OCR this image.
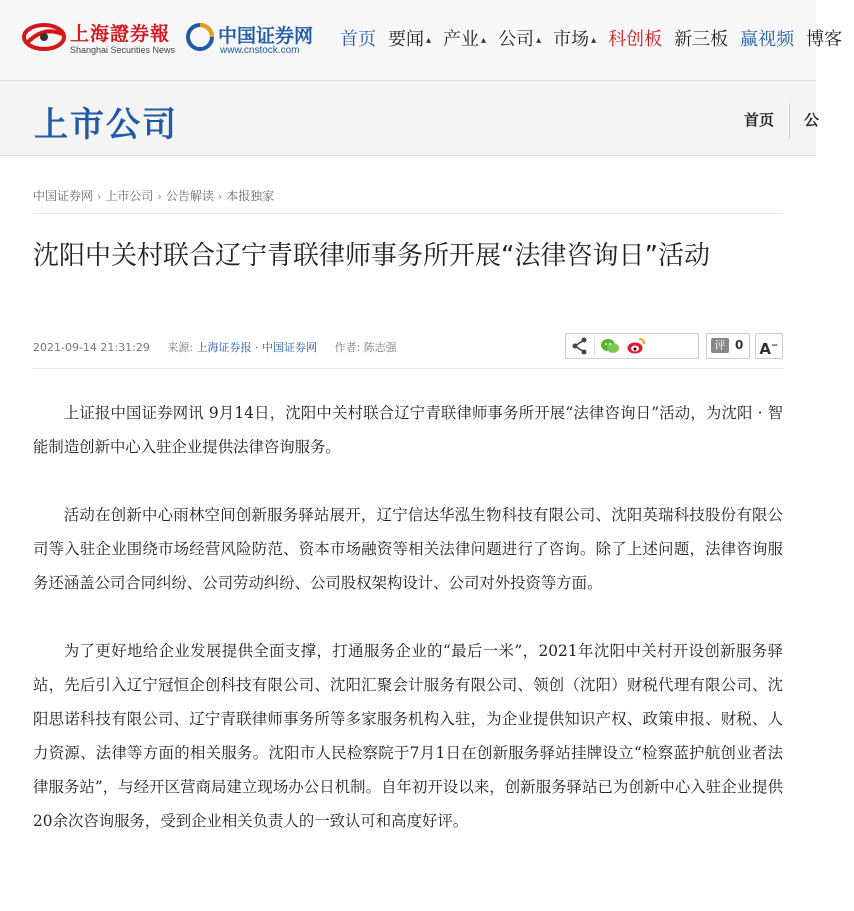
上海證券報
Shanghai Securities News
中国证券网
www.cnstock.com
首页 要闻 ▴ 产业 ▴ 公司 ▴ 市场 ▴ 科创板 新三板 赢视频 博客
上市公司	首页 公
中国证券网 › 上市公司 › 公告解读 › 本报独家
沈阳中关村联合辽宁青联律师事务所开展“法律咨询日”活动
2021-09-14 21:31:29 来源: 上海证券报 · 中国证券网 作者: 陈志强	评 0 A−

上证报中国证券网讯 9月14日，沈阳中关村联合辽宁青联律师事务所开展“法律咨询日”活动，为沈阳 · 智能制造创新中心入驻企业提供法律咨询服务。

活动在创新中心雨林空间创新服务驿站展开，辽宁信达华泓生物科技有限公司、沈阳英瑞科技股份有限公司等入驻企业围绕市场经营风险防范、资本市场融资等相关法律问题进行了咨询。除了上述问题，法律咨询服务还涵盖公司合同纠纷、公司劳动纠纷、公司股权架构设计、公司对外投资等方面。

为了更好地给企业发展提供全面支撑，打通服务企业的“最后一米”，2021年沈阳中关村开设创新服务驿站，先后引入辽宁冠恒企创科技有限公司、沈阳汇聚会计服务有限公司、领创（沈阳）财税代理有限公司、沈阳思诺科技有限公司、辽宁青联律师事务所等多家服务机构入驻，为企业提供知识产权、政策申报、财税、人力资源、法律等方面的相关服务。沈阳市人民检察院于7月1日在创新服务驿站挂牌设立“检察蓝护航创业者法律服务站”，与经开区营商局建立现场办公日机制。自年初开设以来，创新服务驿站已为创新中心入驻企业提供20余次咨询服务，受到企业相关负责人的一致认可和高度好评。
